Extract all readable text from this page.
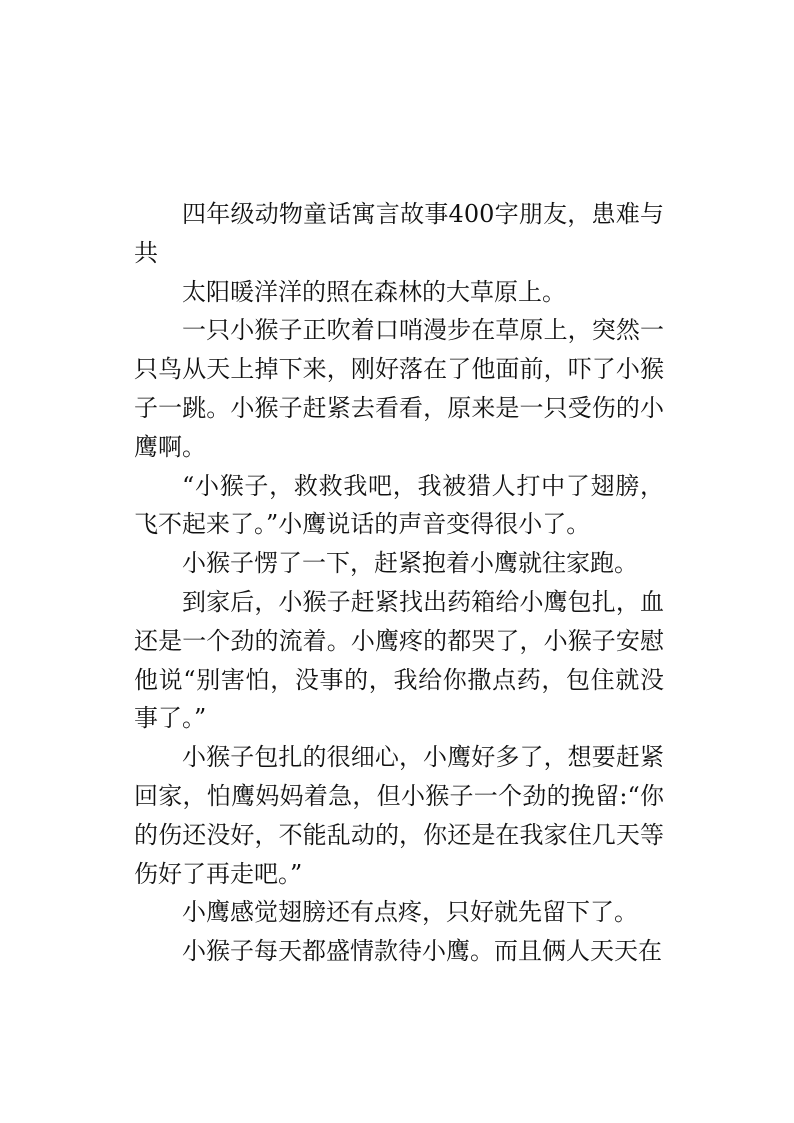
四年级动物童话寓言故事400字朋友，患难与共

太阳暖洋洋的照在森林的大草原上。

一只小猴子正吹着口哨漫步在草原上，突然一只鸟从天上掉下来，刚好落在了他面前，吓了小猴子一跳。小猴子赶紧去看看，原来是一只受伤的小鹰啊。

“小猴子，救救我吧，我被猎人打中了翅膀，飞不起来了。”小鹰说话的声音变得很小了。

小猴子愣了一下，赶紧抱着小鹰就往家跑。

到家后，小猴子赶紧找出药箱给小鹰包扎，血还是一个劲的流着。小鹰疼的都哭了，小猴子安慰他说“别害怕，没事的，我给你撒点药，包住就没事了。”

小猴子包扎的很细心，小鹰好多了，想要赶紧回家，怕鹰妈妈着急，但小猴子一个劲的挽留:“你的伤还没好，不能乱动的，你还是在我家住几天等伤好了再走吧。”

小鹰感觉翅膀还有点疼，只好就先留下了。

小猴子每天都盛情款待小鹰。而且俩人天天在
